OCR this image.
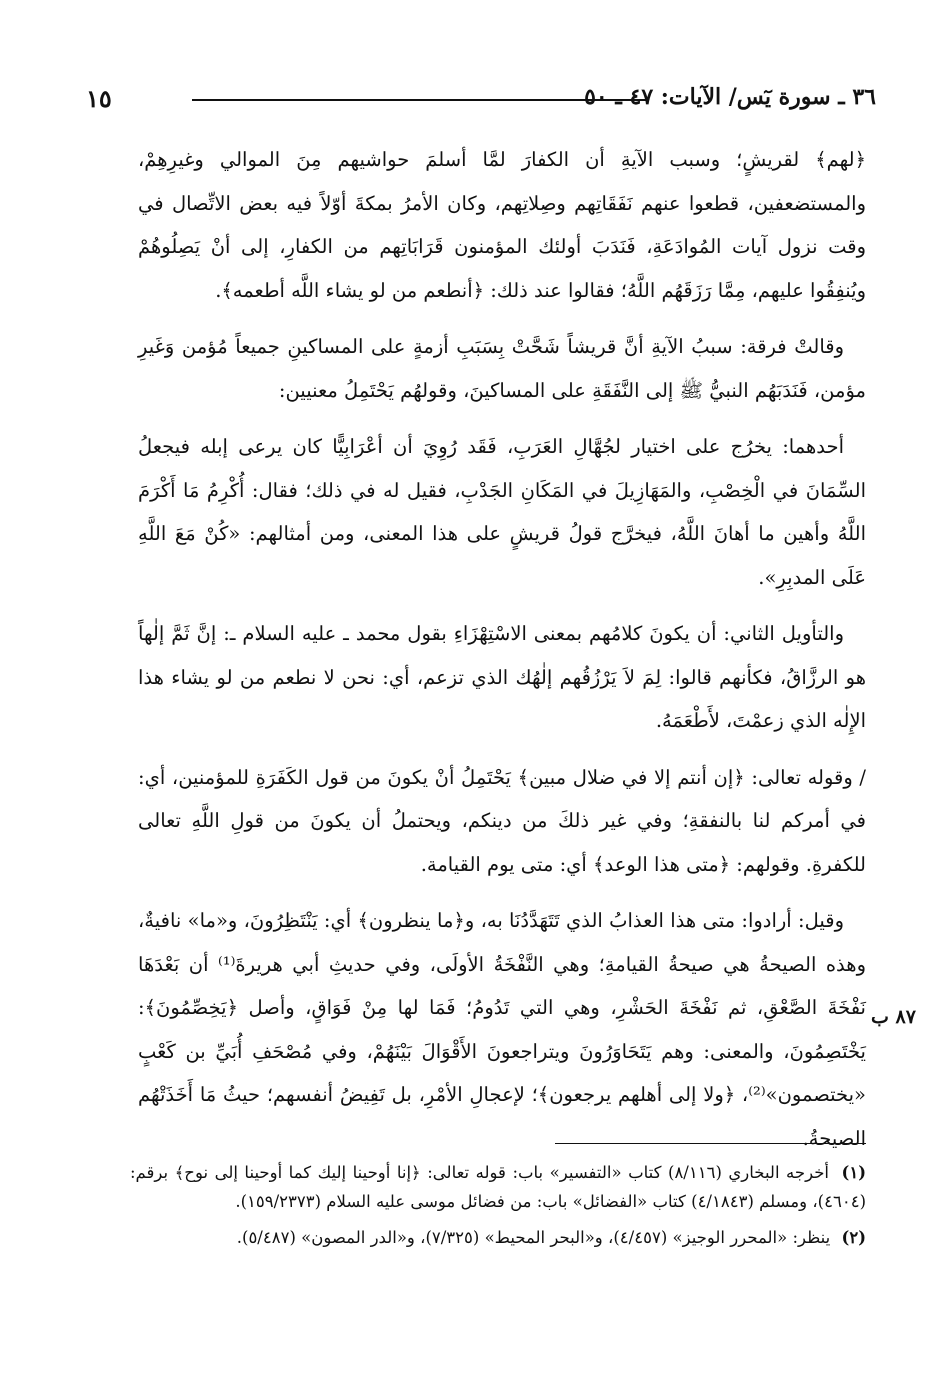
١٥	٣٦ ـ سورة يٓس/ الآيات: ٤٧ ـ ٥٠

﴿لهم﴾ لقريشٍ؛ وسبب الآيةِ أن الكفارَ لمَّا أسلمَ حواشيهم مِنَ الموالي وغيرِهِمْ، والمستضعفين، قطعوا عنهم نَفَقَاتِهم وصِلاتِهم، وكان الأمرُ بمكةَ أوّلاً فيه بعض الاتِّصال في وقت نزول آيات المُوادَعَةِ، فَنَدَبَ أولئك المؤمنون قَرَابَاتِهم من الكفارِ، إلى أنْ يَصِلُوهُمْ ويُنفِقُوا عليهم، مِمَّا رَزَقَهُم اللَّهُ؛ فقالوا عند ذلك: ﴿أنطعم من لو يشاء اللَّه أطعمه﴾.

وقالتْ فرقة: سببُ الآيةِ أنَّ قريشاً شَحَّتْ بِسَبَبِ أزمةٍ على المساكينِ جميعاً مُؤمن وَغَيرِ مؤمن، فَنَدَبَهُم النبيُّ ﷺ إلى النَّفَقَةِ على المساكينَ، وقولهُم يَحْتَمِلُ معنيين:

أحدهما: يخرُج على اختيار لجُهَّالِ العَرَبِ، فَقَد رُوِيَ أن أعْرَابِيًّا كان يرعى إبله فيجعلُ السِّمَانَ في الْخِصْبِ، والمَهَازِيلَ في المَكَانِ الجَدْبِ، فقيل له في ذلك؛ فقال: أُكْرِمُ مَا أَكْرَمَ اللَّهُ وأهين ما أهانَ اللَّهُ، فيخرَّج قولُ قريشٍ على هذا المعنى، ومن أمثالهم: «كُنْ مَعَ اللَّهِ عَلَى المدبِرِ».

والتأويل الثاني: أن يكونَ كلامُهم بمعنى الاسْتِهْزَاءِ بقول محمد ـ عليه السلام ـ: إنَّ ثَمَّ إلٰهاً هو الرزَّاقُ، فكأنهم قالوا: لِمَ لاَ يَرْزُقُهم إلٰهُك الذي تزعم، أي: نحن لا نطعم من لو يشاء هذا الإِلٰه الذي زعمْتَ، لأَطْعَمَهُ.

/ وقوله تعالى: ﴿إن أنتم إلا في ضلال مبين﴾ يَحْتَمِلُ أنْ يكونَ من قول الكَفَرَةِ للمؤمنين، أي: في أمركم لنا بالنفقةِ؛ وفي غير ذلكَ من دينكم، ويحتملُ أن يكونَ من قولِ اللَّهِ تعالى للكفرةِ. وقولهم: ﴿متى هذا الوعد﴾ أي: متى يوم القيامة.

وقيل: أرادوا: متى هذا العذابُ الذي تَتَهَدَّدُنَا به، و﴿ما ينظرون﴾ أي: يَنْتَظِرُونَ، و«ما» نافيةٌ، وهذه الصيحةُ هي صيحةُ القيامةِ؛ وهي النَّفْخَةُ الأولَى، وفي حديثِ أبي هريرةَ⁽¹⁾ أن بَعْدَهَا نَفْخَةَ الصَّعْقِ، ثم نَفْخَةَ الحَشْرِ، وهي التي تَدُومُ؛ فَمَا لها مِنْ فَوَاقٍ، وأصل ﴿يَخِصِّمُونَ﴾: يَخْتَصِمُونَ، والمعنى: وهم يَتَحَاوَرُونَ ويتراجعونَ الأَقْوَالَ بَيْنَهُمْ، وفي مُصْحَفِ أُبَيِّ بن كَعْبٍ «يختصمون»⁽²⁾، ﴿ولا إلى أهلهم يرجعون﴾؛ لإعجالِ الأمْرِ، بل تَفِيضُ أنفسهم؛ حيثُ مَا أَخَذَتْهُم الصيحةُ.

٨٧ ب

(١) أخرجه البخاري (٨/١١٦) كتاب «التفسير» باب: قوله تعالى: ﴿إنا أوحينا إليك كما أوحينا إلى نوح﴾ برقم: (٤٦٠٤)، ومسلم (٤/١٨٤٣) كتاب «الفضائل» باب: من فضائل موسى عليه السلام (١٥٩/٢٣٧٣).

(٢) ينظر: «المحرر الوجيز» (٤/٤٥٧)، و«البحر المحيط» (٧/٣٢٥)، و«الدر المصون» (٥/٤٨٧).
